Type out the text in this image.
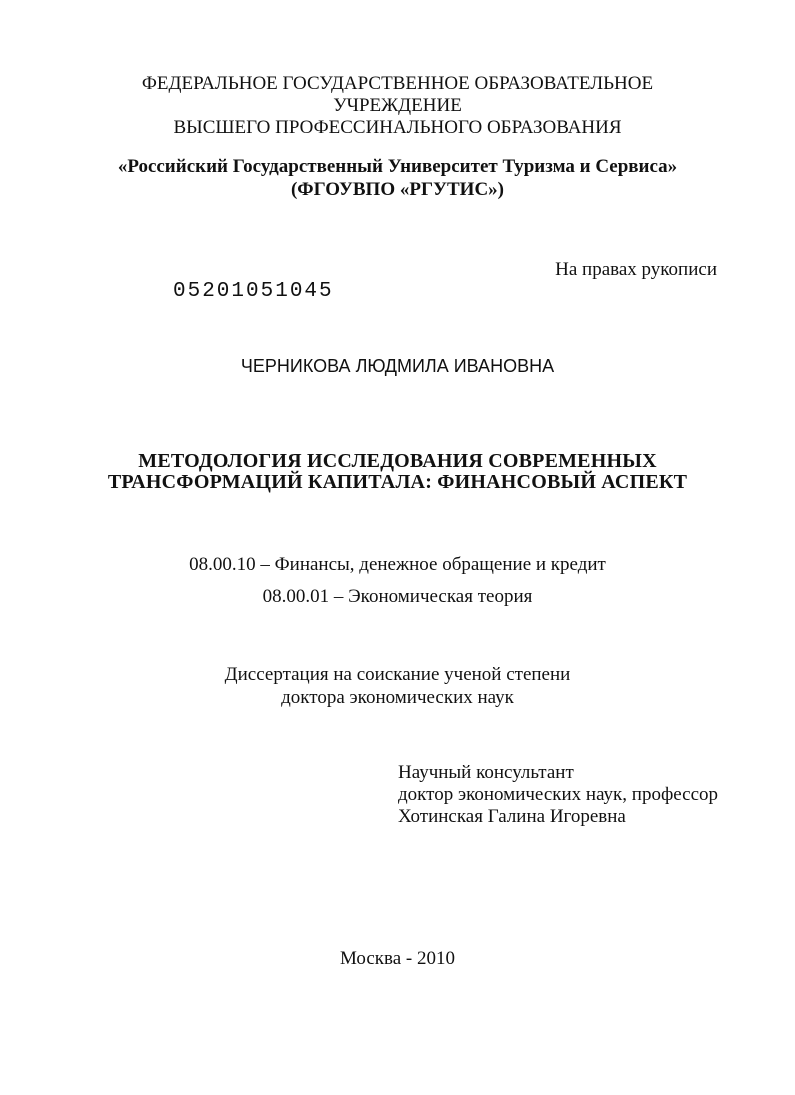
ФЕДЕРАЛЬНОЕ ГОСУДАРСТВЕННОЕ ОБРАЗОВАТЕЛЬНОЕ
УЧРЕЖДЕНИЕ
ВЫСШЕГО ПРОФЕССИНАЛЬНОГО ОБРАЗОВАНИЯ
«Российский Государственный Университет Туризма и Сервиса»
(ФГОУВПО «РГУТИС»)
На правах рукописи
05201051045
ЧЕРНИКОВА ЛЮДМИЛА ИВАНОВНА
МЕТОДОЛОГИЯ ИССЛЕДОВАНИЯ СОВРЕМЕННЫХ
ТРАНСФОРМАЦИЙ КАПИТАЛА: ФИНАНСОВЫЙ АСПЕКТ
08.00.10 – Финансы, денежное обращение и кредит
08.00.01 – Экономическая теория
Диссертация на соискание ученой степени
доктора экономических наук
Научный консультант
доктор экономических наук, профессор
Хотинская Галина Игоревна
Москва - 2010
